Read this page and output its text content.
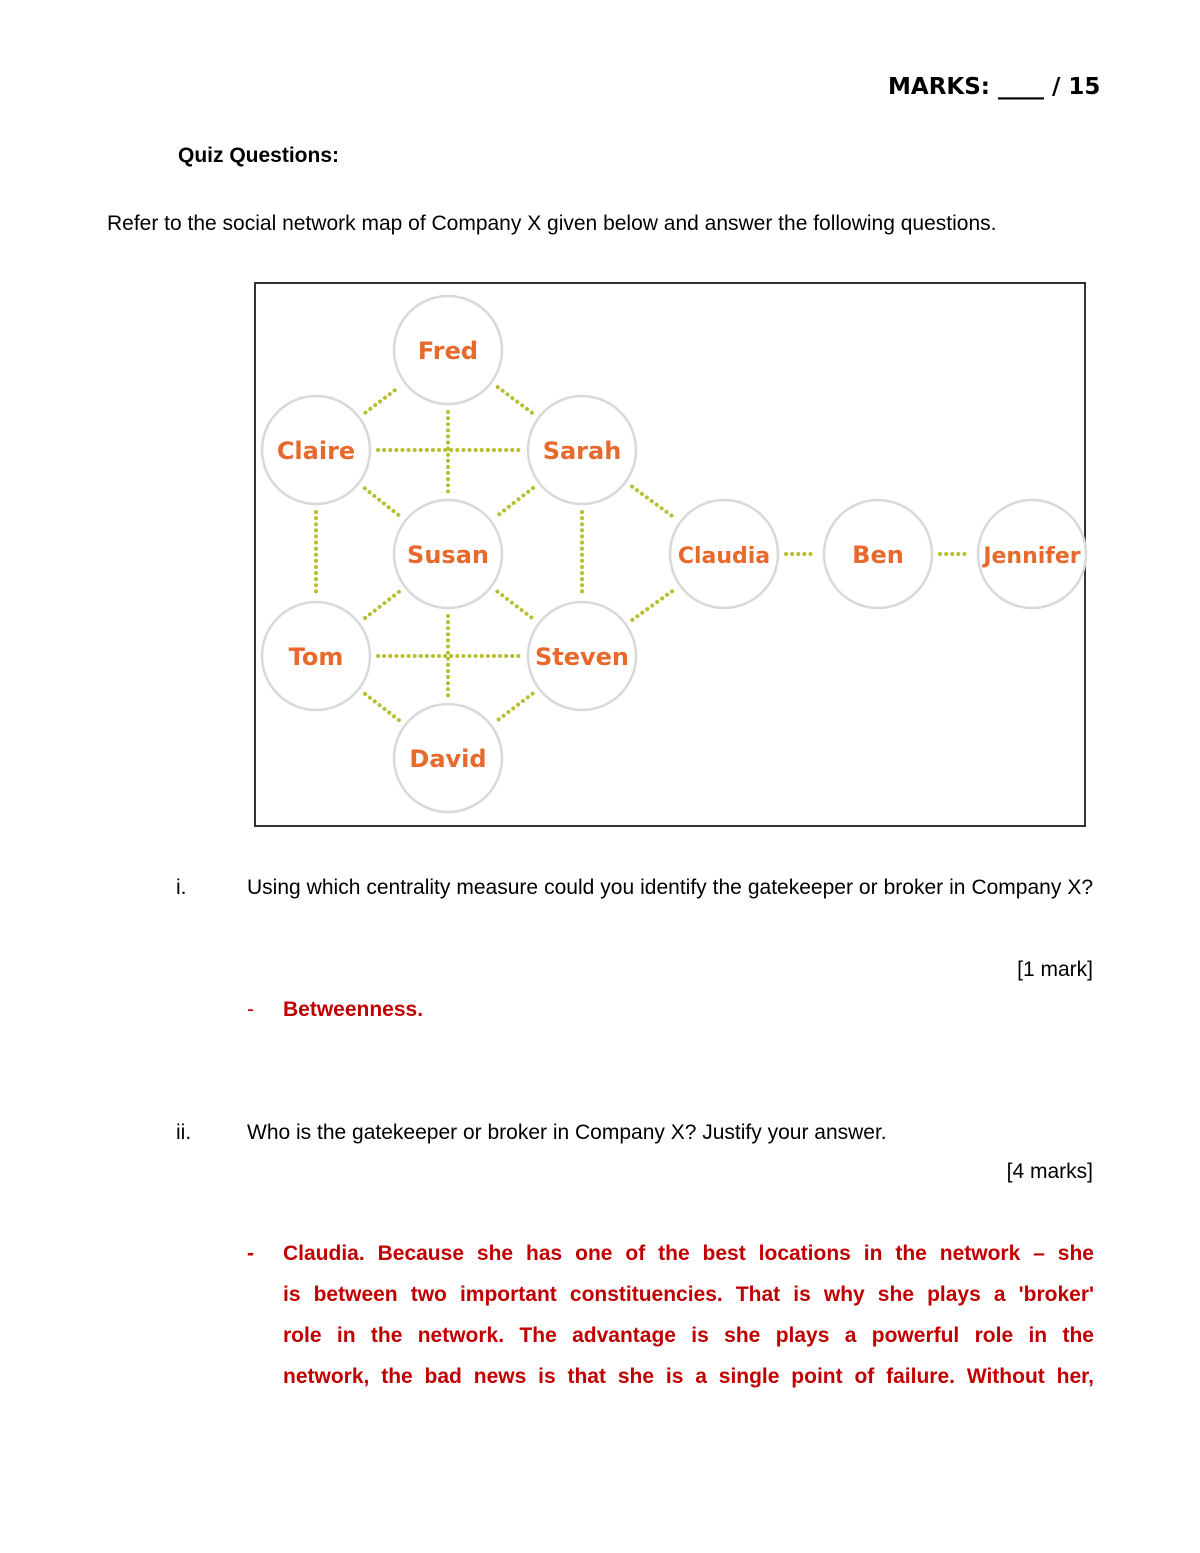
MARKS: ____ / 15
Quiz Questions:
Refer to the social network map of Company X given below and answer the following questions.
Fred
Claire	Sarah
Susan
Tom	Steven
David
Claudia	Ben	Jennifer
i.	Using which centrality measure could you identify the gatekeeper or broker in Company X?
[1 mark]
- Betweenness.
ii.	Who is the gatekeeper or broker in Company X? Justify your answer.
[4 marks]
- Claudia. Because she has one of the best locations in the network – she
is between two important constituencies. That is why she plays a 'broker'
role in the network. The advantage is she plays a powerful role in the
network, the bad news is that she is a single point of failure. Without her,
